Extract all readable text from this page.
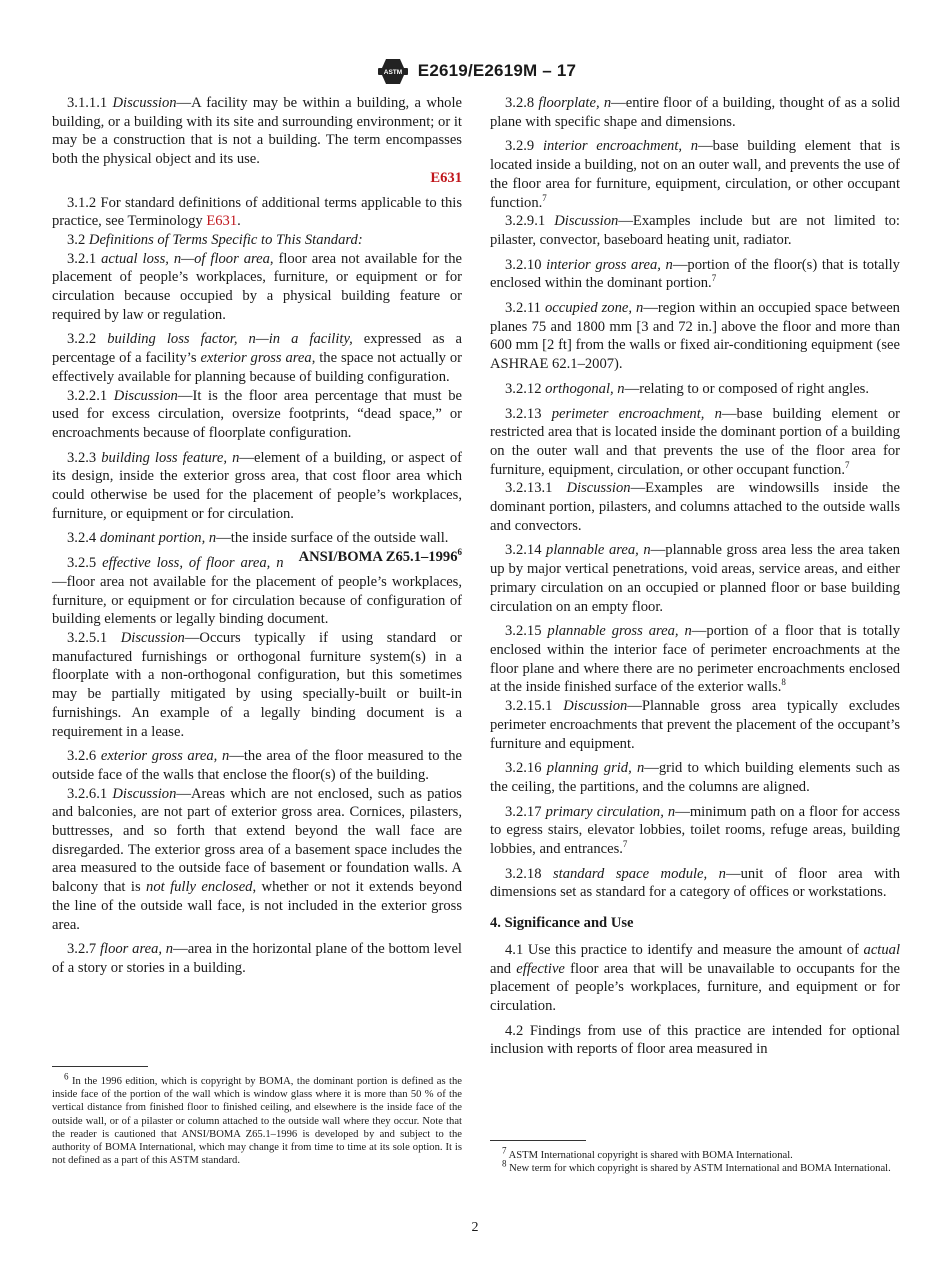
ASTM E2619/E2619M – 17

3.1.1.1 Discussion—A facility may be within a building, a whole building, or a building with its site and surrounding environment; or it may be a construction that is not a building. The term encompasses both the physical object and its use.
E631

3.1.2 For standard definitions of additional terms applicable to this practice, see Terminology E631.

3.2 Definitions of Terms Specific to This Standard:

3.2.1 actual loss, n—of floor area, floor area not available for the placement of people’s workplaces, furniture, or equipment or for circulation because occupied by a physical building feature or required by law or regulation.

3.2.2 building loss factor, n—in a facility, expressed as a percentage of a facility’s exterior gross area, the space not actually or effectively available for planning because of building configuration.

3.2.2.1 Discussion—It is the floor area percentage that must be used for excess circulation, oversize footprints, “dead space,” or encroachments because of floorplate configuration.

3.2.3 building loss feature, n—element of a building, or aspect of its design, inside the exterior gross area, that cost floor area which could otherwise be used for the placement of people’s workplaces, furniture, or equipment or for circulation.

3.2.4 dominant portion, n—the inside surface of the outside wall.
ANSI/BOMA Z65.1–1996$^6$

3.2.5 effective loss, of floor area, n—floor area not available for the placement of people’s workplaces, furniture, or equipment or for circulation because of configuration of building elements or legally binding document.

3.2.5.1 Discussion—Occurs typically if using standard or manufactured furnishings or orthogonal furniture system(s) in a floorplate with a non-orthogonal configuration, but this sometimes may be partially mitigated by using specially-built or built-in furnishings. An example of a legally binding document is a requirement in a lease.

3.2.6 exterior gross area, n—the area of the floor measured to the outside face of the walls that enclose the floor(s) of the building.

3.2.6.1 Discussion—Areas which are not enclosed, such as patios and balconies, are not part of exterior gross area. Cornices, pilasters, buttresses, and so forth that extend beyond the wall face are disregarded. The exterior gross area of a basement space includes the area measured to the outside face of basement or foundation walls. A balcony that is not fully enclosed, whether or not it extends beyond the line of the outside wall face, is not included in the exterior gross area.

3.2.7 floor area, n—area in the horizontal plane of the bottom level of a story or stories in a building.

$^6$ In the 1996 edition, which is copyright by BOMA, the dominant portion is defined as the inside face of the portion of the wall which is window glass where it is more than 50 % of the vertical distance from finished floor to finished ceiling, and elsewhere is the inside face of the outside wall, or of a pilaster or column attached to the outside wall where they occur. Note that the reader is cautioned that ANSI/BOMA Z65.1–1996 is developed by and subject to the authority of BOMA International, which may change it from time to time at its sole option. It is not defined as a part of this ASTM standard.

3.2.8 floorplate, n—entire floor of a building, thought of as a solid plane with specific shape and dimensions.

3.2.9 interior encroachment, n—base building element that is located inside a building, not on an outer wall, and prevents the use of the floor area for furniture, equipment, circulation, or other occupant function.$^7$

3.2.9.1 Discussion—Examples include but are not limited to: pilaster, convector, baseboard heating unit, radiator.

3.2.10 interior gross area, n—portion of the floor(s) that is totally enclosed within the dominant portion.$^7$

3.2.11 occupied zone, n—region within an occupied space between planes 75 and 1800 mm [3 and 72 in.] above the floor and more than 600 mm [2 ft] from the walls or fixed air-conditioning equipment (see ASHRAE 62.1–2007).

3.2.12 orthogonal, n—relating to or composed of right angles.

3.2.13 perimeter encroachment, n—base building element or restricted area that is located inside the dominant portion of a building on the outer wall and that prevents the use of the floor area for furniture, equipment, circulation, or other occupant function.$^7$

3.2.13.1 Discussion—Examples are windowsills inside the dominant portion, pilasters, and columns attached to the outside walls and convectors.

3.2.14 plannable area, n—plannable gross area less the area taken up by major vertical penetrations, void areas, service areas, and either primary circulation on an occupied or planned floor or base building circulation on an empty floor.

3.2.15 plannable gross area, n—portion of a floor that is totally enclosed within the interior face of perimeter encroachments at the floor plane and where there are no perimeter encroachments enclosed at the inside finished surface of the exterior walls.$^8$

3.2.15.1 Discussion—Plannable gross area typically excludes perimeter encroachments that prevent the placement of the occupant’s furniture and equipment.

3.2.16 planning grid, n—grid to which building elements such as the ceiling, the partitions, and the columns are aligned.

3.2.17 primary circulation, n—minimum path on a floor for access to egress stairs, elevator lobbies, toilet rooms, refuge areas, building lobbies, and entrances.$^7$

3.2.18 standard space module, n—unit of floor area with dimensions set as standard for a category of offices or workstations.

4. Significance and Use

4.1 Use this practice to identify and measure the amount of actual and effective floor area that will be unavailable to occupants for the placement of people’s workplaces, furniture, and equipment or for circulation.

4.2 Findings from use of this practice are intended for optional inclusion with reports of floor area measured in

$^7$ ASTM International copyright is shared with BOMA International.

$^8$ New term for which copyright is shared by ASTM International and BOMA International.

2
